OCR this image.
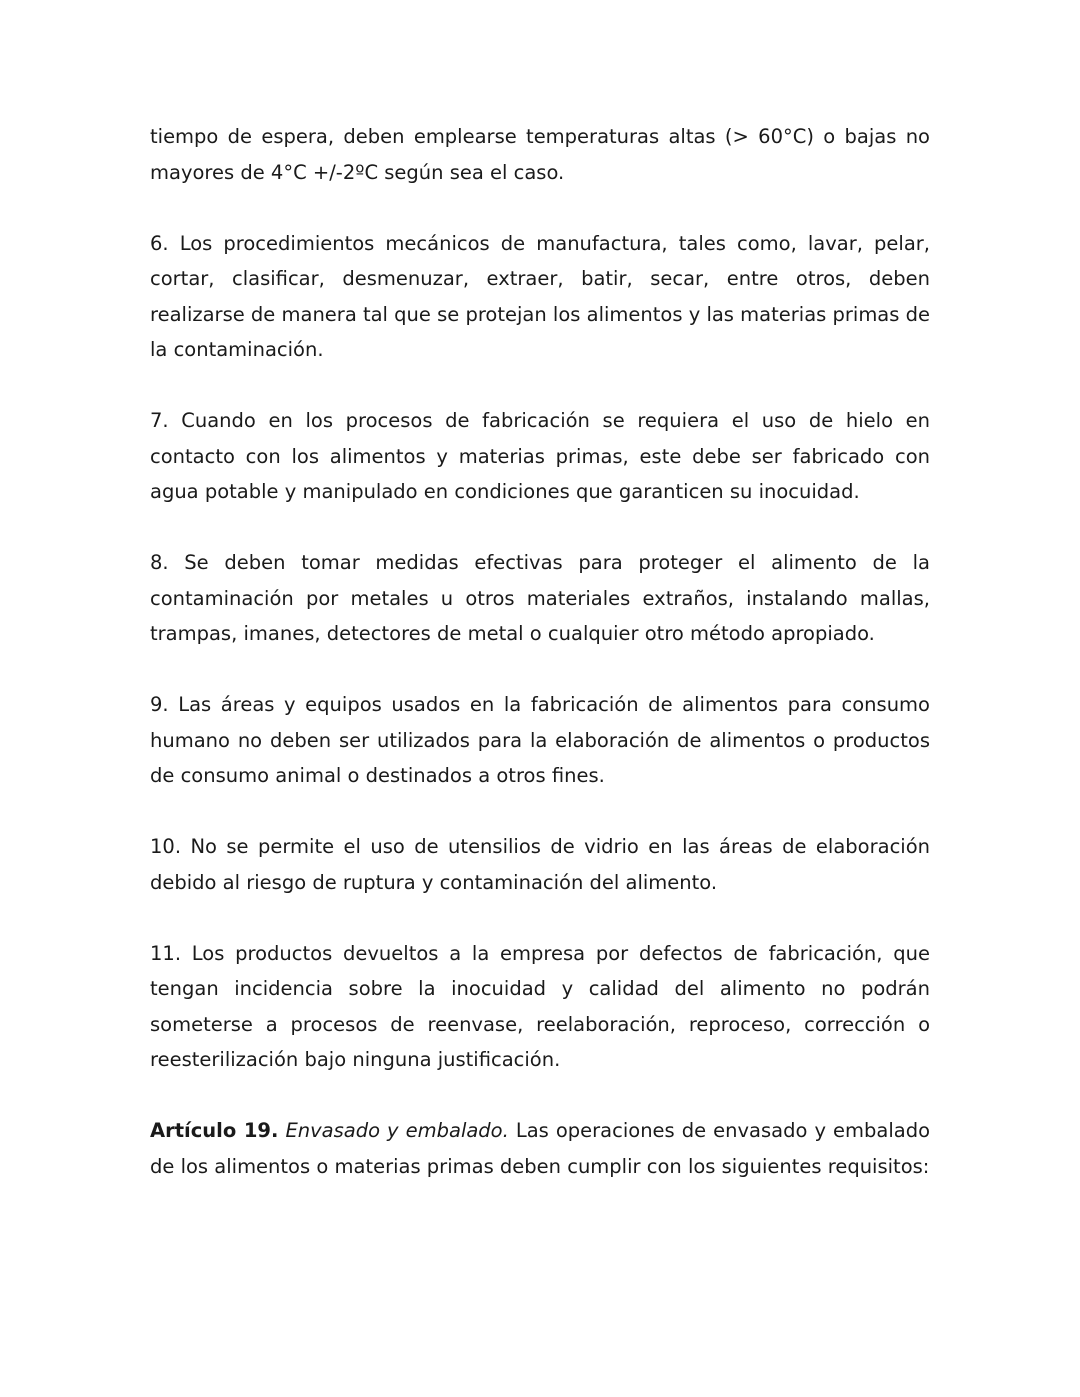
tiempo de espera, deben emplearse temperaturas altas (> 60°C) o bajas no mayores de 4°C +/-2ºC según sea el caso.

6. Los procedimientos mecánicos de manufactura, tales como, lavar, pelar, cortar, clasificar, desmenuzar, extraer, batir, secar, entre otros, deben realizarse de manera tal que se protejan los alimentos y las materias primas de la contaminación.

7. Cuando en los procesos de fabricación se requiera el uso de hielo en contacto con los alimentos y materias primas, este debe ser fabricado con agua potable y manipulado en condiciones que garanticen su inocuidad.

8. Se deben tomar medidas efectivas para proteger el alimento de la contaminación por metales u otros materiales extraños, instalando mallas, trampas, imanes, detectores de metal o cualquier otro método apropiado.

9. Las áreas y equipos usados en la fabricación de alimentos para consumo humano no deben ser utilizados para la elaboración de alimentos o productos de consumo animal o destinados a otros fines.

10. No se permite el uso de utensilios de vidrio en las áreas de elaboración debido al riesgo de ruptura y contaminación del alimento.

11. Los productos devueltos a la empresa por defectos de fabricación, que tengan incidencia sobre la inocuidad y calidad del alimento no podrán someterse a procesos de reenvase, reelaboración, reproceso, corrección o reesterilización bajo ninguna justificación.

Artículo 19. Envasado y embalado. Las operaciones de envasado y embalado de los alimentos o materias primas deben cumplir con los siguientes requisitos:
